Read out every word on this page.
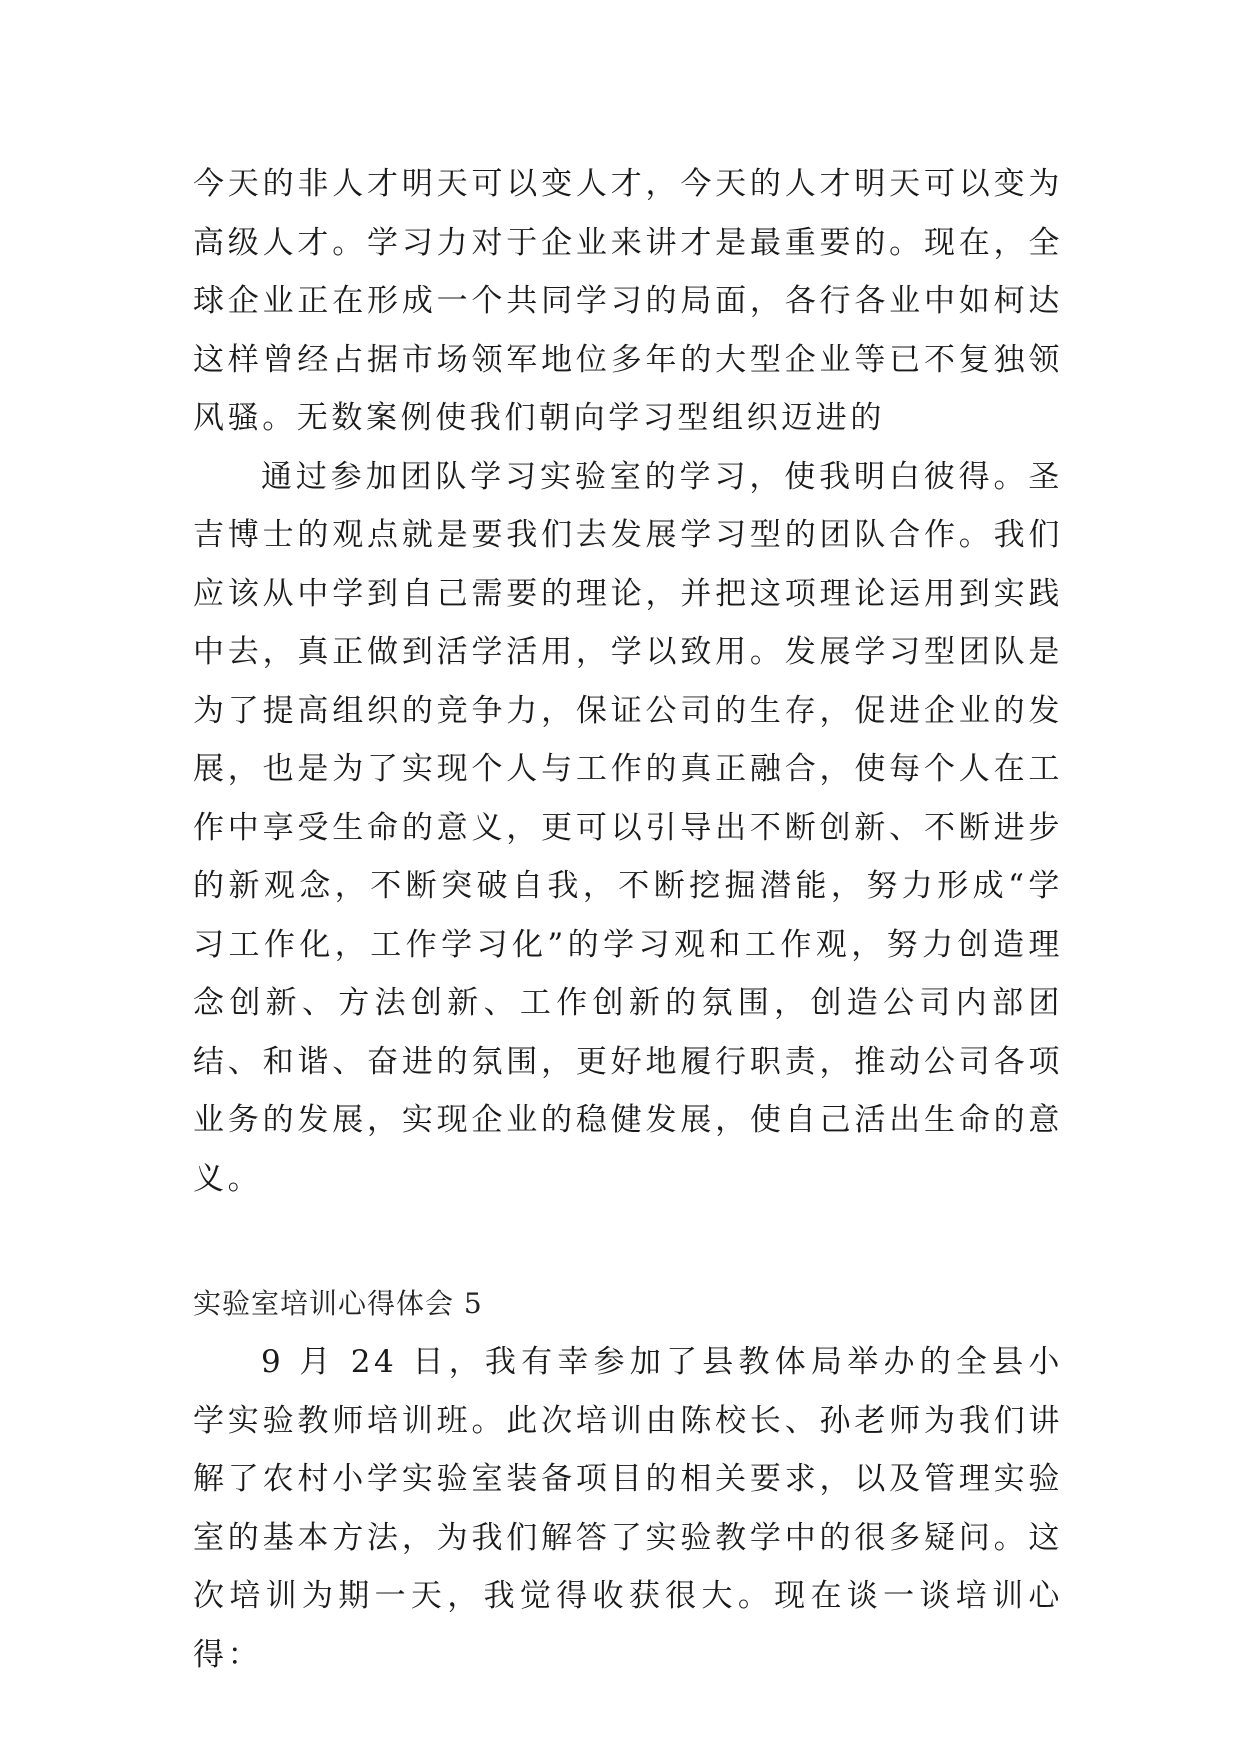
今天的非人才明天可以变人才，今天的人才明天可以变为高级人才。学习力对于企业来讲才是最重要的。现在，全球企业正在形成一个共同学习的局面，各行各业中如柯达这样曾经占据市场领军地位多年的大型企业等已不复独领风骚。无数案例使我们朝向学习型组织迈进的

通过参加团队学习实验室的学习，使我明白彼得。圣吉博士的观点就是要我们去发展学习型的团队合作。我们应该从中学到自己需要的理论，并把这项理论运用到实践中去，真正做到活学活用，学以致用。发展学习型团队是为了提高组织的竞争力，保证公司的生存，促进企业的发展，也是为了实现个人与工作的真正融合，使每个人在工作中享受生命的意义，更可以引导出不断创新、不断进步的新观念，不断突破自我，不断挖掘潜能，努力形成“学习工作化，工作学习化”的学习观和工作观，努力创造理念创新、方法创新、工作创新的氛围，创造公司内部团结、和谐、奋进的氛围，更好地履行职责，推动公司各项业务的发展，实现企业的稳健发展，使自己活出生命的意义。

实验室培训心得体会 5

9 月 24 日，我有幸参加了县教体局举办的全县小学实验教师培训班。此次培训由陈校长、孙老师为我们讲解了农村小学实验室装备项目的相关要求，以及管理实验室的基本方法，为我们解答了实验教学中的很多疑问。这次培训为期一天，我觉得收获很大。现在谈一谈培训心得：
